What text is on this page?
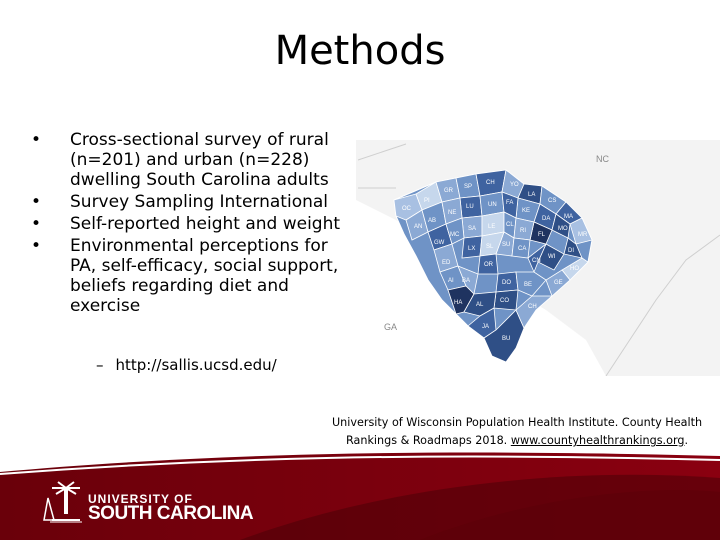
Methods
• Cross-sectional survey of rural (n=201) and urban (n=228) dwelling South Carolina adults
• Survey Sampling International
• Self-reported height and weight
• Environmental perceptions for PA, self-efficacy, social support, beliefs regarding diet and exercise
– http://sallis.ucsd.edu/
NC
GA
OC
PI
GR
SP
CH	YO
LA
CS
MA
AN
LU UN
KE
DA
AB
NE
FA
MO
FL	MR
DI
GW
SA LE CL
RI
HO
MC
ED
LX
SU
WI
SL	CA
OR
GE
AI
CN
BA	DO
HA
BE
CO
AL
JA
BU
CH
University of Wisconsin Population Health Institute. County Health Rankings & Roadmaps 2018. www.countyhealthrankings.org.
UNIVERSITY OF
SOUTH CAROLINA
